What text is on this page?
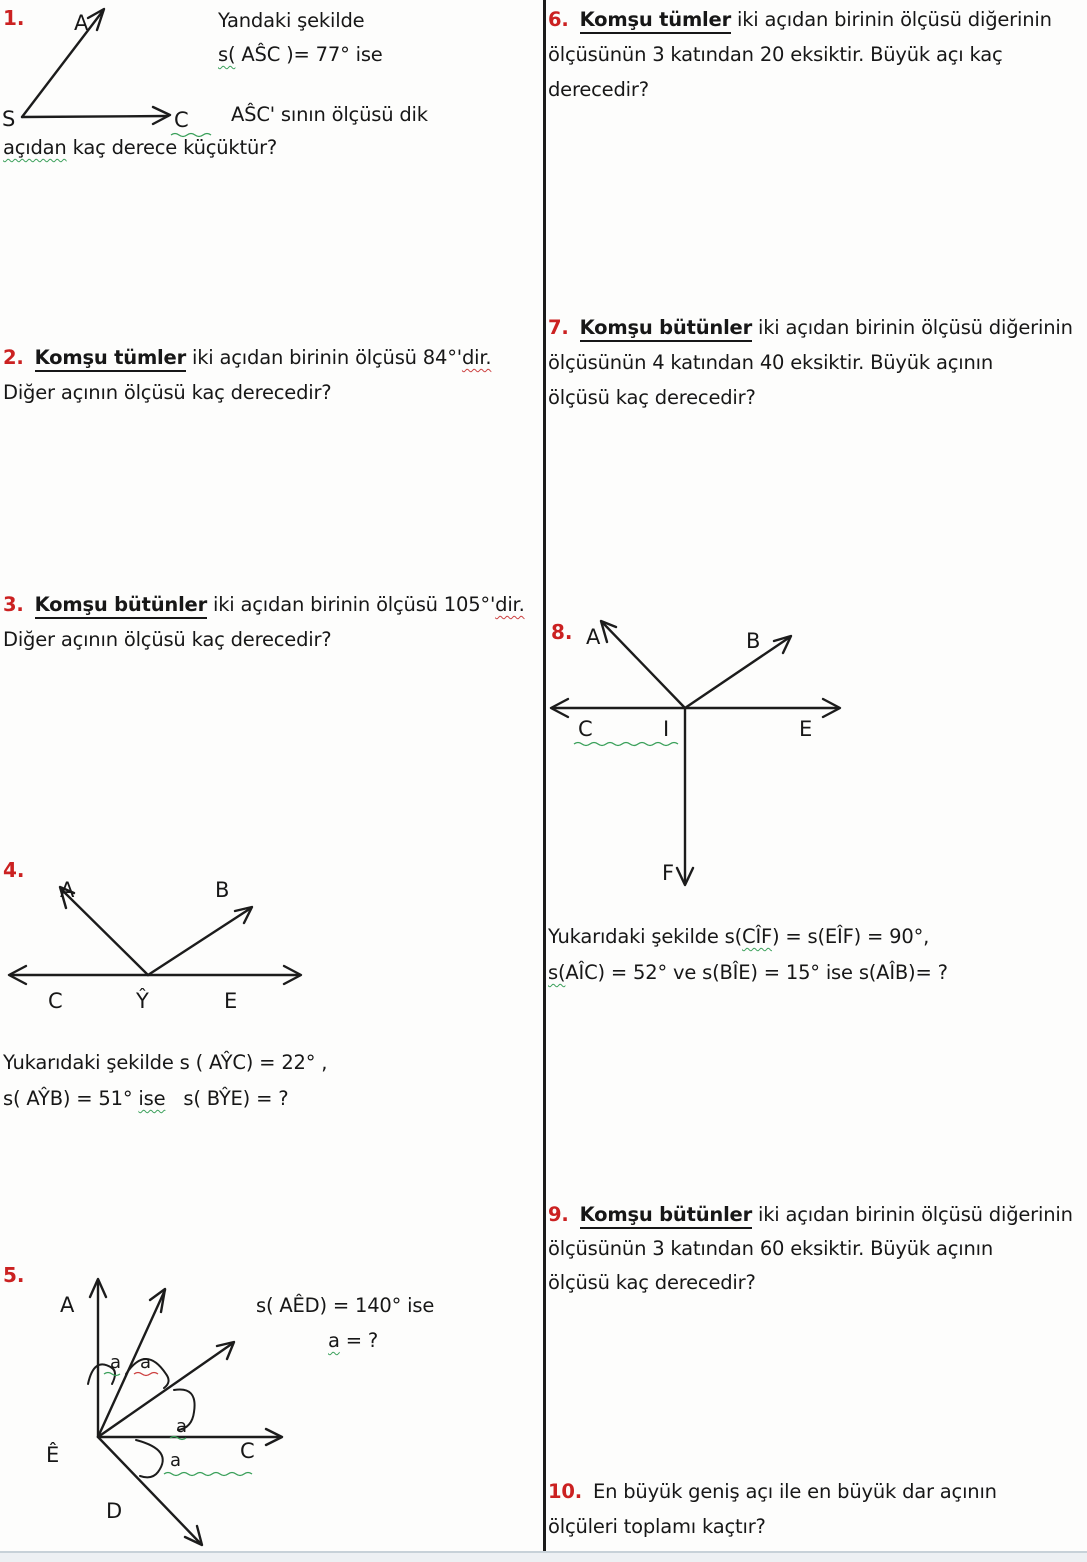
1.
S
A
C
Yandaki şekilde
s( AŜC )= 77° ise
AŜC' sının ölçüsü dik
açıdan kaç derece küçüktür?
2. Komşu tümler iki açıdan birinin ölçüsü 84°'dir.
Diğer açının ölçüsü kaç derecedir?
3. Komşu bütünler iki açıdan birinin ölçüsü 105°'dir.
Diğer açının ölçüsü kaç derecedir?
4.
A	B
C	Ŷ	E
Yukarıdaki şekilde s ( AŶC) = 22° ,
s( AŶB) = 51° ise   s( BŶE) = ?
5.
A
Ê	C
D
a a
a
a
s( AÊD) = 140° ise
a = ?
6. Komşu tümler iki açıdan birinin ölçüsü diğerinin
ölçüsünün 3 katından 20 eksiktir. Büyük açı kaç
derecedir?
7. Komşu bütünler iki açıdan birinin ölçüsü diğerinin
ölçüsünün 4 katından 40 eksiktir. Büyük açının
ölçüsü kaç derecedir?
8. A	B
C	I	E
F
Yukarıdaki şekilde s(CÎF) = s(EÎF) = 90°,
s(AÎC) = 52° ve s(BÎE) = 15° ise s(AÎB)= ?
9. Komşu bütünler iki açıdan birinin ölçüsü diğerinin
ölçüsünün 3 katından 60 eksiktir. Büyük açının
ölçüsü kaç derecedir?
10. En büyük geniş açı ile en büyük dar açının
ölçüleri toplamı kaçtır?
